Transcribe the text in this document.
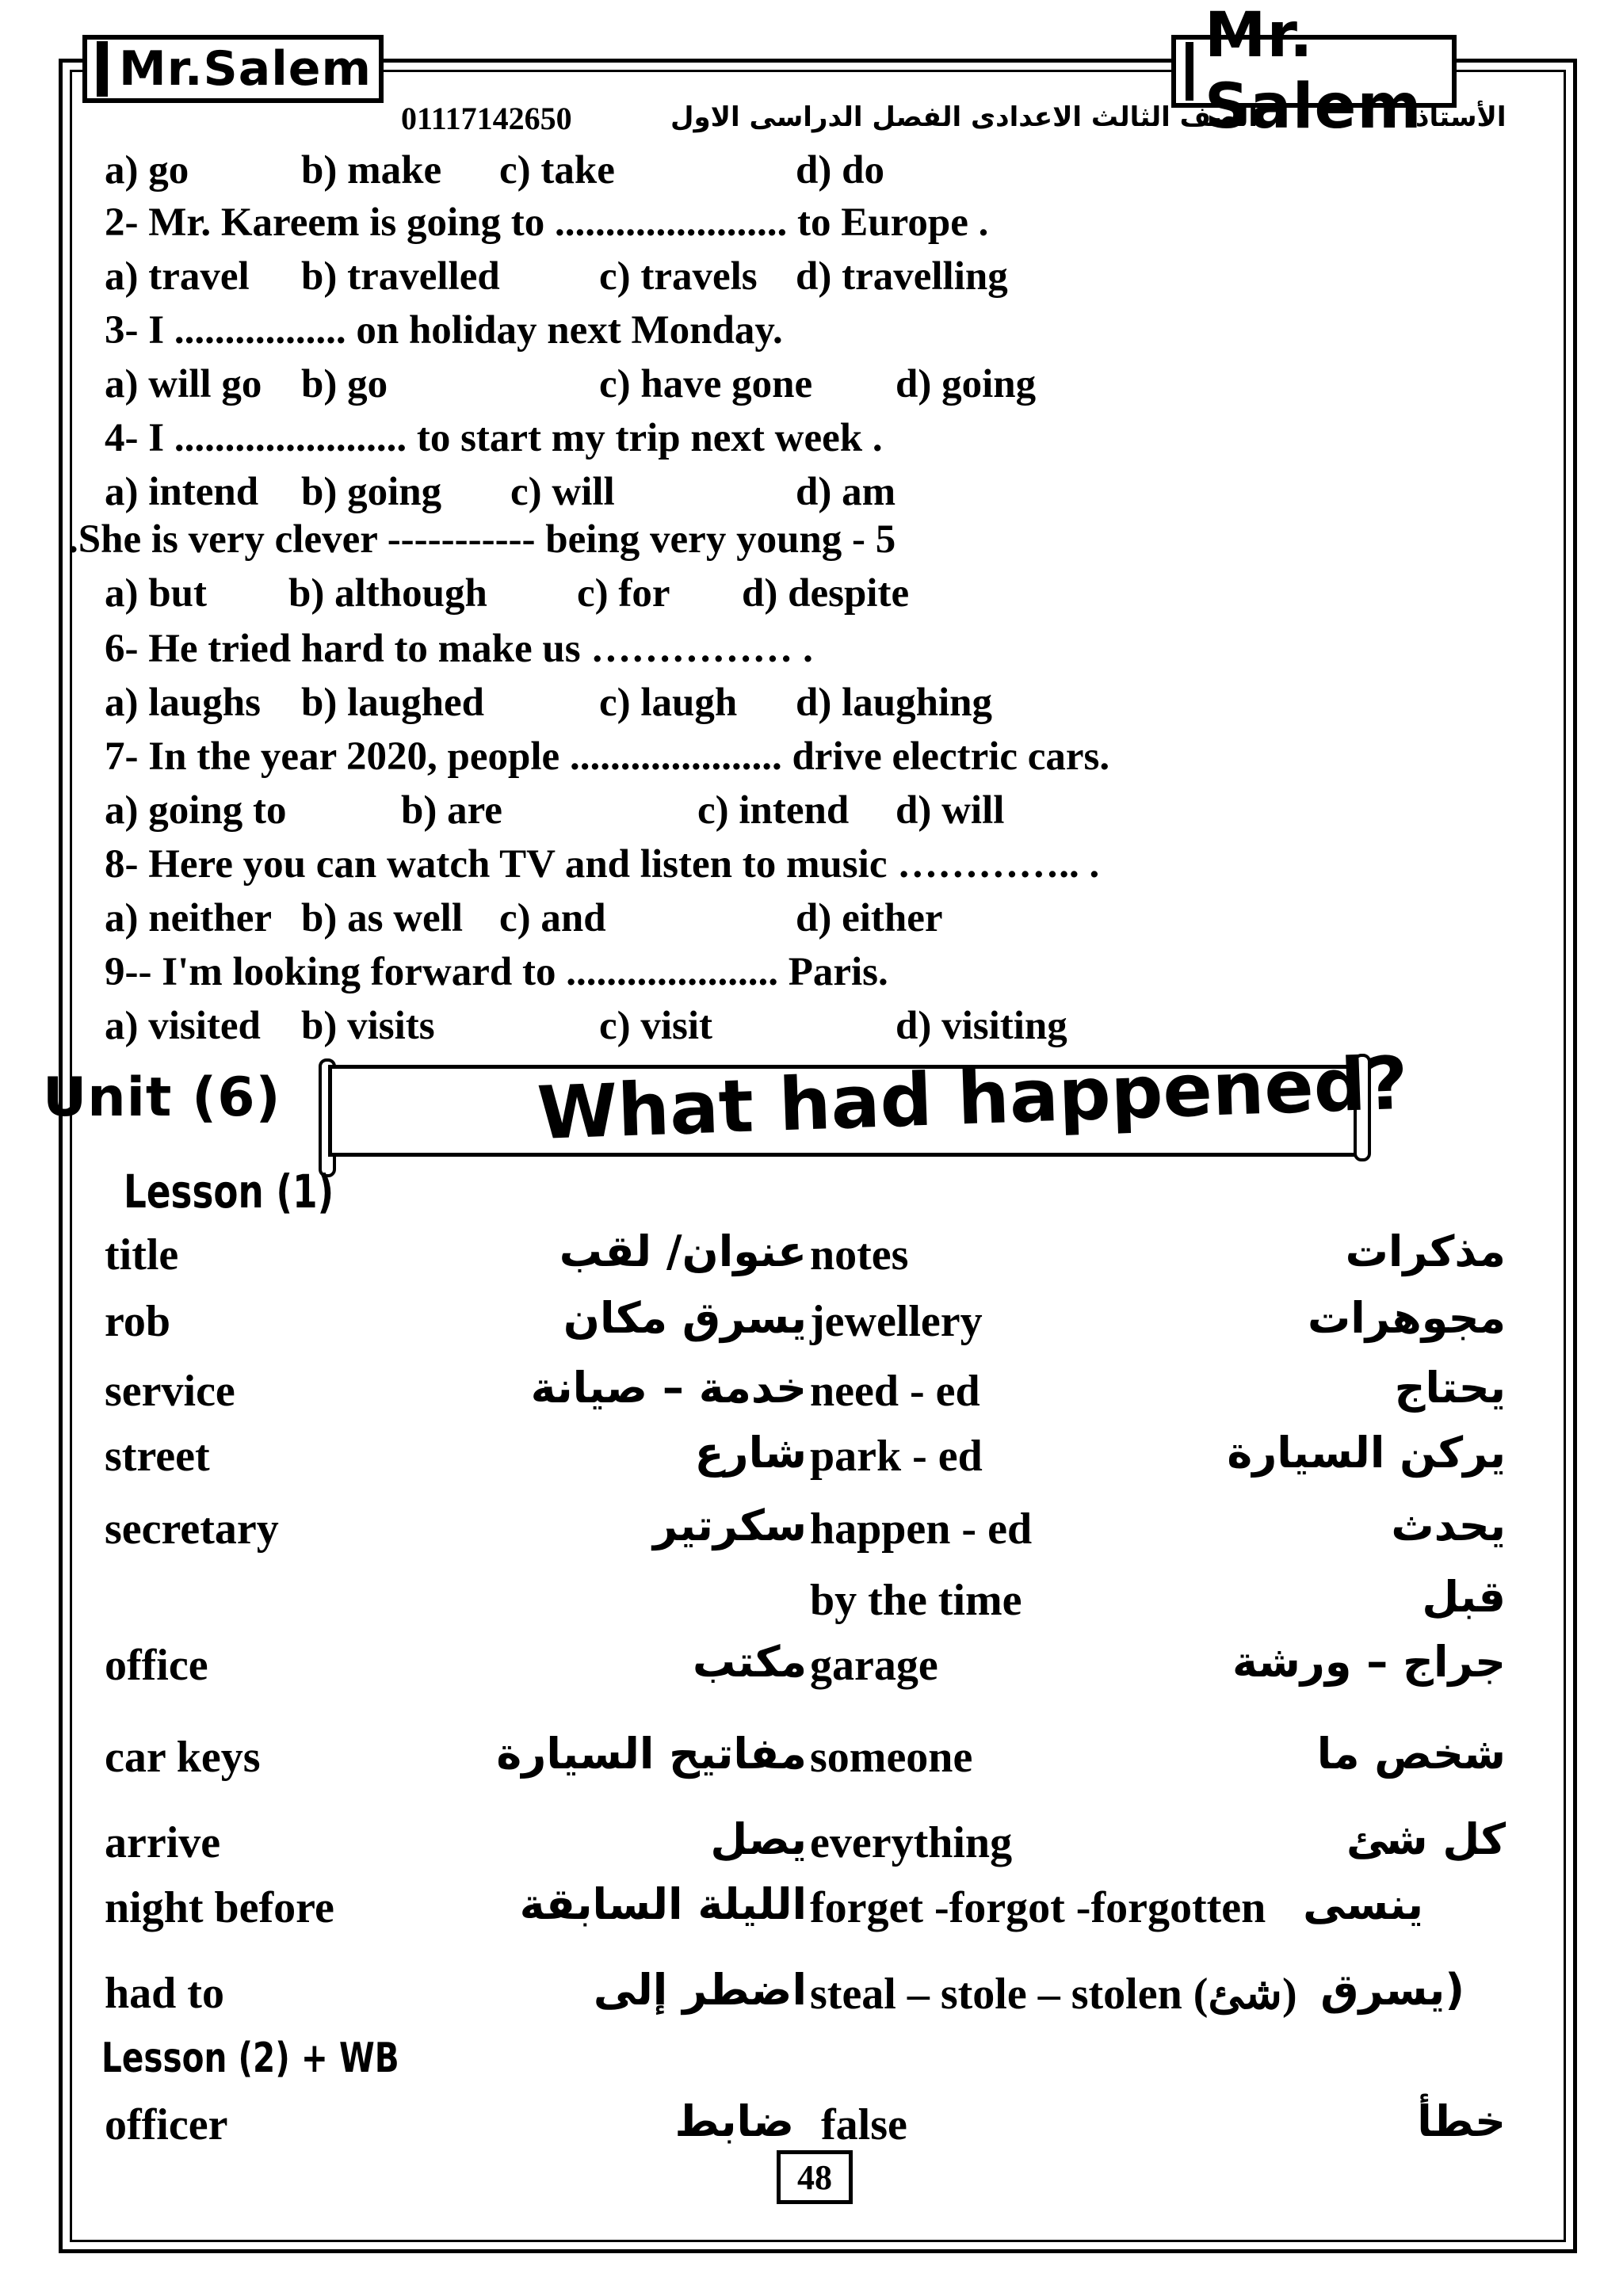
Mr.Salem	Mr. Salem
01117142650	الصف الثالث الاعدادى الفصل الدراسى الاول	الأستاذ
a) go	b) make c) take	d) do
2- Mr. Kareem is going to ....................... to Europe .
a) travel b) travelled c) travels d) travelling
3- I ................. on holiday next Monday.
a) will go b) go	c) have gone d) going
4- I ....................... to start my trip next week .
a) intend b) going c) will	d) am
.She is very clever ----------- being very young - 5
a) but b) although c) for d) despite
6- He tried hard to make us …………… .
a) laughs b) laughed	c) laugh d) laughing
7- In the year 2020, people ..................... drive electric cars.
a) going to	b) are	c) intend d) will
8- Here you can watch TV and listen to music ………….. .
a) neither b) as well c) and	d) either
9-- I'm looking forward to ..................... Paris.
a) visited b) visits	c) visit	d) visiting
Unit (6)	What had happened?
Lesson (1)
title	عنوان/ لقب notes	مذكرات
rob	يسرق مكان jewellery	مجوهرات
service	خدمة – صيانة need - ed	يحتاج
street	شارع park - ed	يركن السيارة
secretary	سكرتير happen - ed	يحدث
by the time	قبل
office	مكتب garage	جراج – ورشة
car keys	مفاتيح السيارة someone	شخص ما
arrive	يصل everything	كل شئ
night before	الليلة السابقة forget -forgot -forgotten ينسى
had to	اضطر إلى steal – stole – stolen (شئ) (يسرق
Lesson (2) + WB
officer	ضابط false	خطأ
48
